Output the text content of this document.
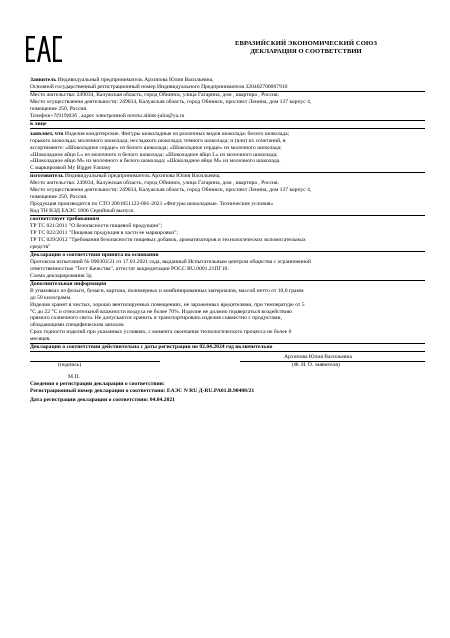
ЕВРАЗИЙСКИЙ ЭКОНОМИЧЕСКИЙ СОЮЗ
ДЕКЛАРАЦИЯ О СООТВЕТСТВИИ
Заявитель Индивидуальный предприниматель Архипова Юлия Васильевна,
Основной государственный регистрационный номер Индивидуального Предпринимателя 320402700007910
Место жительства: 249034, Калужская область, город Обнинск, улица Гагарина, дом , квартира , Россия.
Место осуществления деятельности: 249034, Калужская область, город Обнинск, проспект Ленина, дом 137 корпус 4,
помещение 250, Россия.
Телефон+7(919)03б , адрес электронной почты alimk-julia@ya.ru
в лице
заявляет, что Изделия кондитерские. Фигуры шоколадные из различных видов шоколада: белого шоколада;
горького шоколада; молочного шоколада; несладкого шоколада; темного шоколада; и (или) их сочетаний, в
ассортименте: «Шоколадное сердце» из белого шоколада; «Шоколадное сердце» из молочного шоколада;
«Шоколадное яйцо L» из молочного и белого шоколада; «Шоколадное яйцо L» из молочного шоколада;
«Шоколадное яйцо М» из молочного и белого шоколада; «Шоколадное яйцо М» из молочного шоколада.
С маркировкой My Bigger Fantasy
изготовитель Индивидуальный предприниматель Архипова Юлия Васильевна,
Место жительства: 249034, Калужская область, город Обнинск, улица Гагарина, дом , квартира , Россия.
Место осуществления деятельности: 249034, Калужская область, город Обнинск, проспект Ленина, дом 137 корпус 4,
помещение 250, Россия.
Продукция производится по СТО 2001051123-001-2021 «Фигуры шоколадные. Технические условия»
Код ТН ВЭД ЕАЭС 1806 Серийный выпуск
соответствует требованиям
ТР ТС 021/2011 "О безопасности пищевой продукции";
ТР ТС 022/2011 "Пищевая продукция в части ее маркировки";
ТР ТС 029/2012 "Требования безопасности пищевых добавок, ароматизаторов и технологических вспомогательных
средств"
Декларация о соответствии принята на основании
Протокола испытаний № 090303/21 от 17.03.2021 года, выданный Испытательным центром общества с ограниченной
ответственностью "Тест Качества", аттестат аккредитации РОСС RU.0001.21ПГ10.
Схема декларирования 3д
Дополнительная информация
В упаковках из фольги, бумаги, картона, полимерных и комбинированных материалов, массой нетто от 10,0 грамм
до 50 килограмм.
Изделия хранят в чистых, хорошо вентилируемых помещениях, не зараженных вредителями, при температуре от 5
°С до 22 °С и относительной влажности воздуха не более 70%. Изделие не должно подвергаться воздействию
прямого солнечного света. Не допускается хранить и транспортировать изделия совместно с продуктами,
обладающими специфическим запахом.
Срок годности изделий при указанных условиях, с момента окончания технологического процесса не более 6
месяцев.
Декларация о соответствии действительна с даты регистрации по 02.04.2024 год включительно
Архипова Юлия Васильевна
(подпись)	(Ф. И. О. заявителя)
М.П.
Сведения о регистрации декларации о соответствии:
Регистрационный номер декларации о соответствии: ЕАЭС N RU Д-RU.PA01.В.90408/21
Дата регистрации декларации о соответствии: 04.04.2021
